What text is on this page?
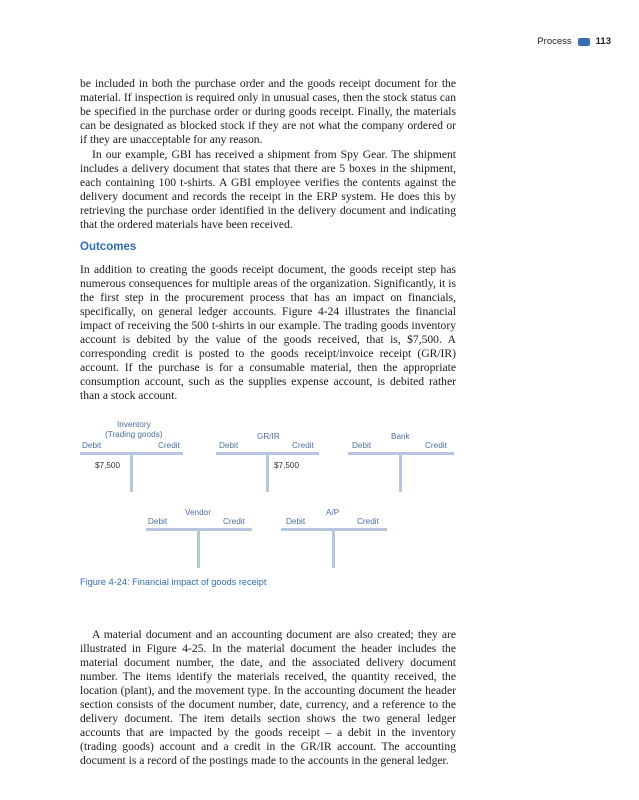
Process	113
be included in both the purchase order and the goods receipt document for the material. If inspection is required only in unusual cases, then the stock status can be specified in the purchase order or during goods receipt. Finally, the materials can be designated as blocked stock if they are not what the company ordered or if they are unacceptable for any reason.
In our example, GBI has received a shipment from Spy Gear. The shipment includes a delivery document that states that there are 5 boxes in the shipment, each containing 100 t-shirts. A GBI employee verifies the contents against the delivery document and records the receipt in the ERP system. He does this by retrieving the purchase order identified in the delivery document and indicating that the ordered materials have been received.
Outcomes
In addition to creating the goods receipt document, the goods receipt step has numerous consequences for multiple areas of the organization. Significantly, it is the first step in the procurement process that has an impact on financials, specifically, on general ledger accounts. Figure 4-24 illustrates the financial impact of receiving the 500 t-shirts in our example. The trading goods inventory account is debited by the value of the goods received, that is, $7,500. A corresponding credit is posted to the goods receipt/invoice receipt (GR/IR) account. If the purchase is for a consumable material, then the appropriate consumption account, such as the supplies expense account, is debited rather than a stock account.
Inventory
(Trading goods)
Debit	Credit
$7,500
GR/IR
Debit	Credit
$7,500
Bank
Debit	Credit
Vendor
Debit	Credit
A/P
Debit	Credit
Figure 4-24: Financial impact of goods receipt
A material document and an accounting document are also created; they are illustrated in Figure 4-25. In the material document the header includes the material document number, the date, and the associated delivery document number. The items identify the materials received, the quantity received, the location (plant), and the movement type. In the accounting document the header section consists of the document number, date, currency, and a reference to the delivery document. The item details section shows the two general ledger accounts that are impacted by the goods receipt – a debit in the inventory (trading goods) account and a credit in the GR/IR account. The accounting document is a record of the postings made to the accounts in the general ledger.
